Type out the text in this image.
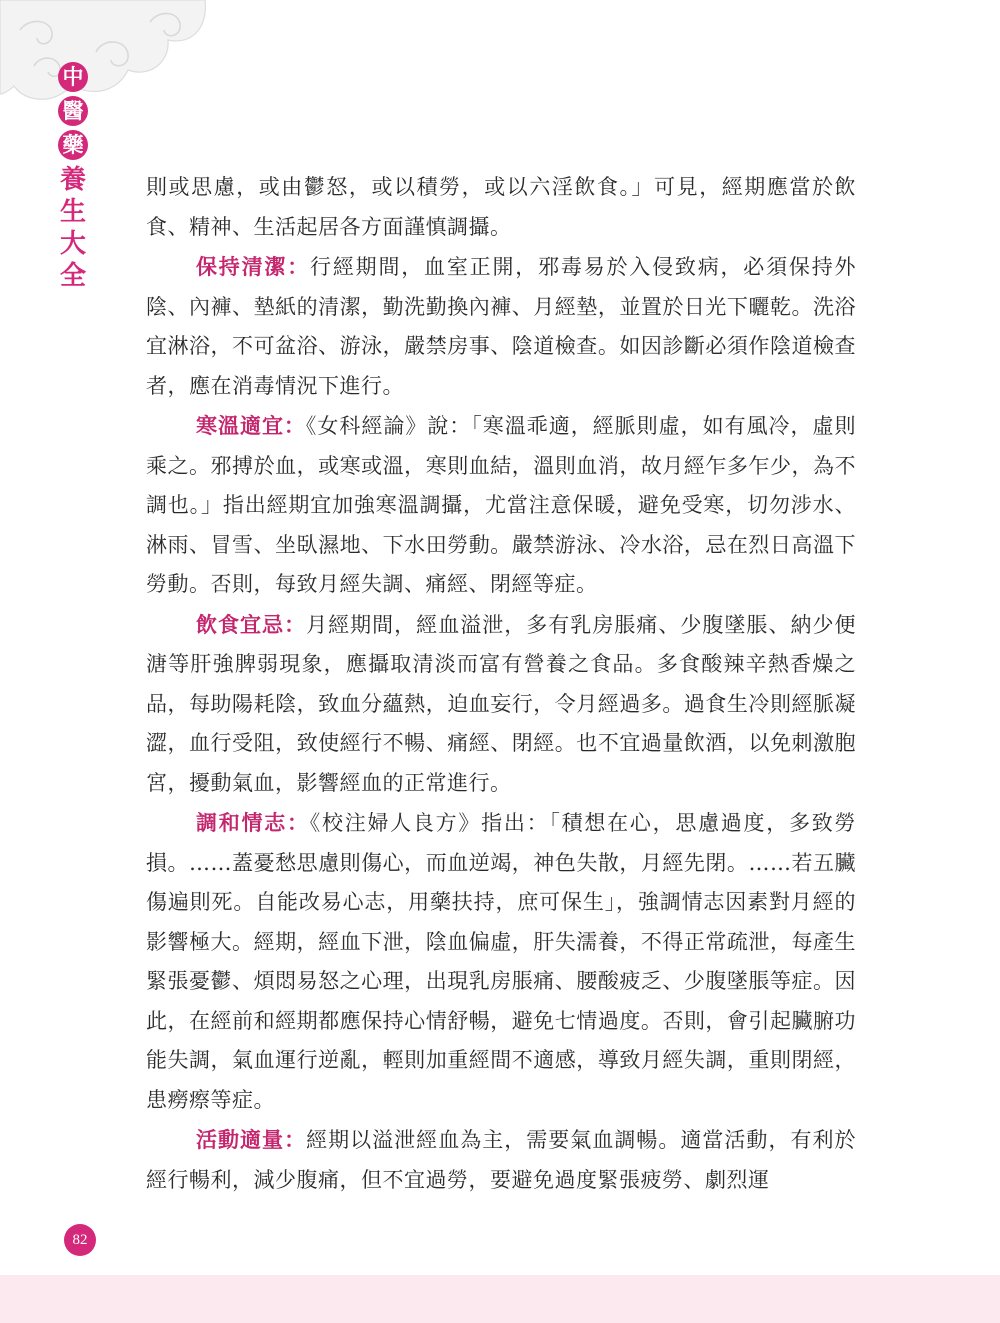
中
醫
藥
養
生
大
全

則或思慮，或由鬱怒，或以積勞，或以六淫飲食。」可見，經期應當於飲食、精神、生活起居各方面謹慎調攝。

保持清潔：行經期間，血室正開，邪毒易於入侵致病，必須保持外陰、內褲、墊紙的清潔，勤洗勤換內褲、月經墊，並置於日光下曬乾。洗浴宜淋浴，不可盆浴、游泳，嚴禁房事、陰道檢查。如因診斷必須作陰道檢查者，應在消毒情況下進行。

寒溫適宜：《女科經論》說：「寒溫乖適，經脈則虛，如有風冷，虛則乘之。邪搏於血，或寒或溫，寒則血結，溫則血消，故月經乍多乍少，為不調也。」指出經期宜加強寒溫調攝，尤當注意保暖，避免受寒，切勿涉水、淋雨、冒雪、坐臥濕地、下水田勞動。嚴禁游泳、冷水浴，忌在烈日高溫下勞動。否則，每致月經失調、痛經、閉經等症。

飲食宜忌：月經期間，經血溢泄，多有乳房脹痛、少腹墜脹、納少便溏等肝強脾弱現象，應攝取清淡而富有營養之食品。多食酸辣辛熱香燥之品，每助陽耗陰，致血分蘊熱，迫血妄行，令月經過多。過食生冷則經脈凝澀，血行受阻，致使經行不暢、痛經、閉經。也不宜過量飲酒，以免刺激胞宮，擾動氣血，影響經血的正常進行。

調和情志：《校注婦人良方》指出：「積想在心，思慮過度，多致勞損。……蓋憂愁思慮則傷心，而血逆竭，神色失散，月經先閉。……若五臟傷遍則死。自能改易心志，用藥扶持，庶可保生」，強調情志因素對月經的影響極大。經期，經血下泄，陰血偏虛，肝失濡養，不得正常疏泄，每產生緊張憂鬱、煩悶易怒之心理，出現乳房脹痛、腰酸疲乏、少腹墜脹等症。因此，在經前和經期都應保持心情舒暢，避免七情過度。否則，會引起臟腑功能失調，氣血運行逆亂，輕則加重經間不適感，導致月經失調，重則閉經，患癆瘵等症。

活動適量：經期以溢泄經血為主，需要氣血調暢。適當活動，有利於經行暢利，減少腹痛，但不宜過勞，要避免過度緊張疲勞、劇烈運

82
